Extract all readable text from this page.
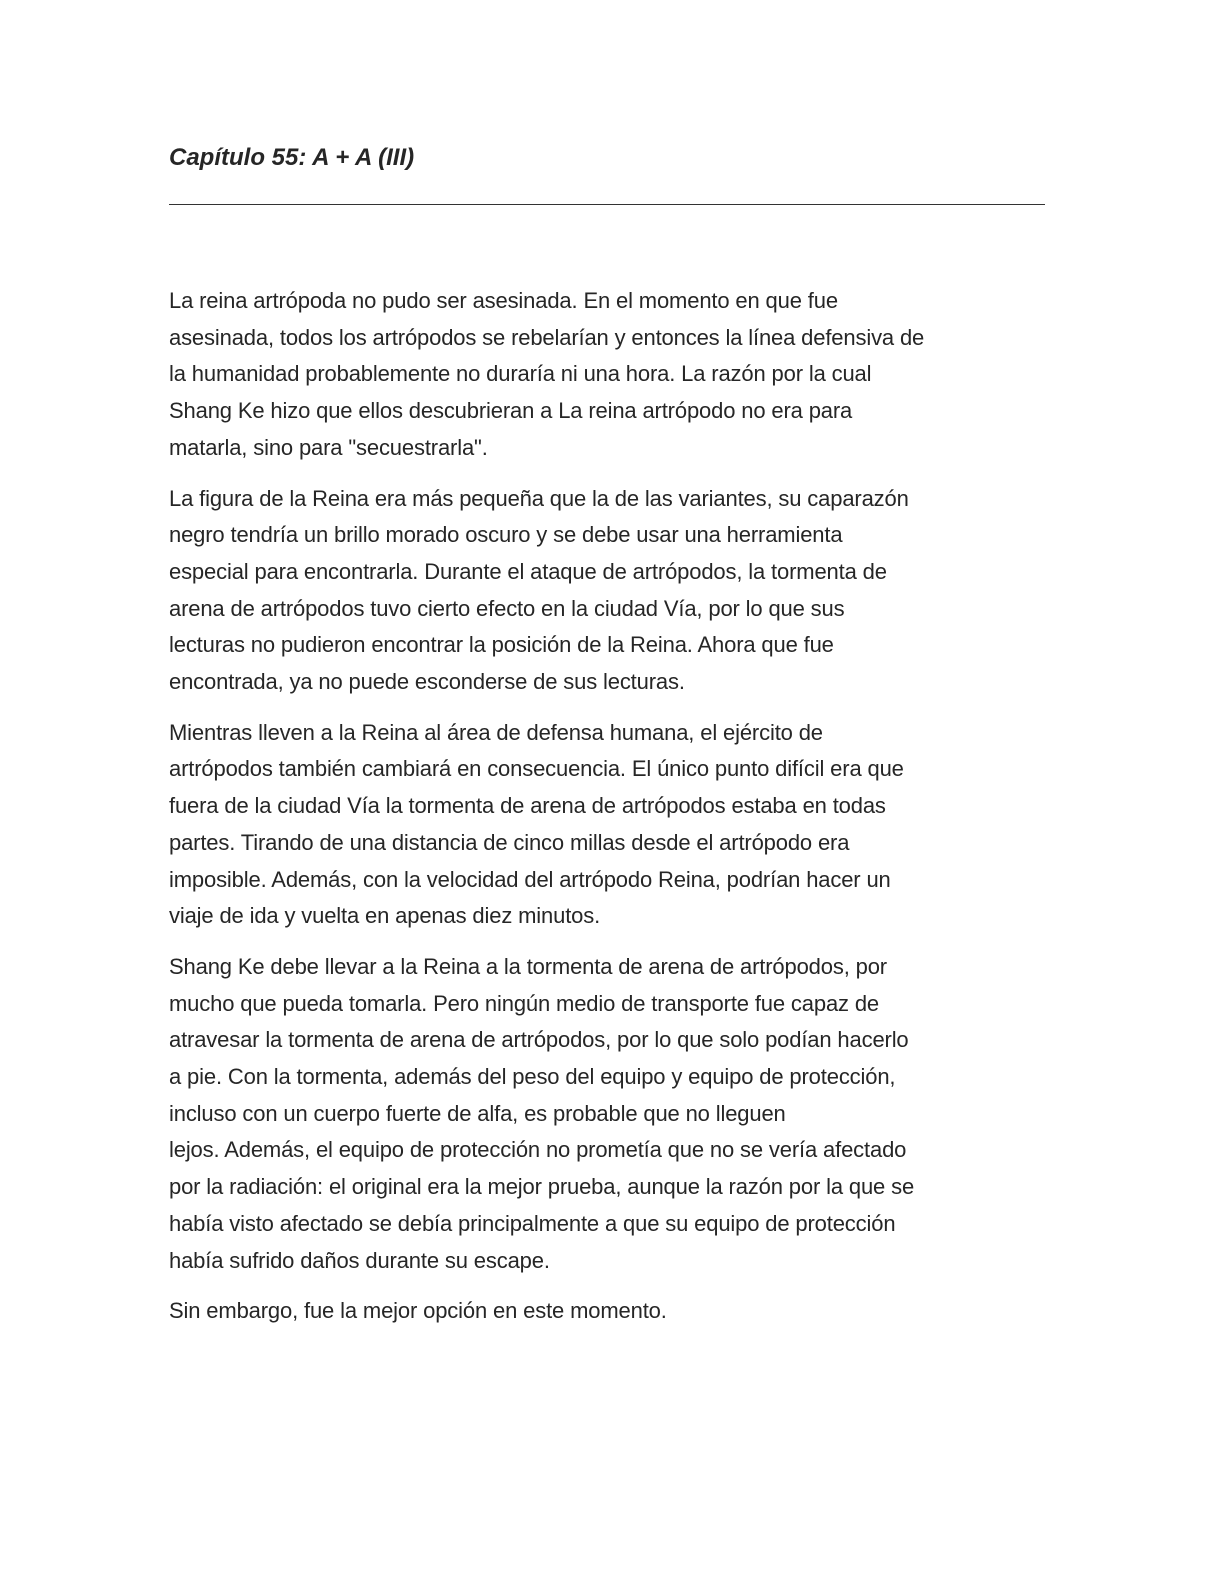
Capítulo 55: A + A (III)

La reina artrópoda no pudo ser asesinada. En el momento en que fue
asesinada, todos los artrópodos se rebelarían y entonces la línea defensiva de
la humanidad probablemente no duraría ni una hora. La razón por la cual
Shang Ke hizo que ellos descubrieran a La reina artrópodo no era para
matarla, sino para "secuestrarla".

La figura de la Reina era más pequeña que la de las variantes, su caparazón
negro tendría un brillo morado oscuro y se debe usar una herramienta
especial para encontrarla. Durante el ataque de artrópodos, la tormenta de
arena de artrópodos tuvo cierto efecto en la ciudad Vía, por lo que sus
lecturas no pudieron encontrar la posición de la Reina. Ahora que fue
encontrada, ya no puede esconderse de sus lecturas.

Mientras lleven a la Reina al área de defensa humana, el ejército de
artrópodos también cambiará en consecuencia. El único punto difícil era que
fuera de la ciudad Vía la tormenta de arena de artrópodos estaba en todas
partes. Tirando de una distancia de cinco millas desde el artrópodo era
imposible. Además, con la velocidad del artrópodo Reina, podrían hacer un
viaje de ida y vuelta en apenas diez minutos.

Shang Ke debe llevar a la Reina a la tormenta de arena de artrópodos, por
mucho que pueda tomarla. Pero ningún medio de transporte fue capaz de
atravesar la tormenta de arena de artrópodos, por lo que solo podían hacerlo
a pie. Con la tormenta, además del peso del equipo y equipo de protección,
incluso con un cuerpo fuerte de alfa, es probable que no lleguen
lejos. Además, el equipo de protección no prometía que no se vería afectado
por la radiación: el original era la mejor prueba, aunque la razón por la que se
había visto afectado se debía principalmente a que su equipo de protección
había sufrido daños durante su escape.

Sin embargo, fue la mejor opción en este momento.
